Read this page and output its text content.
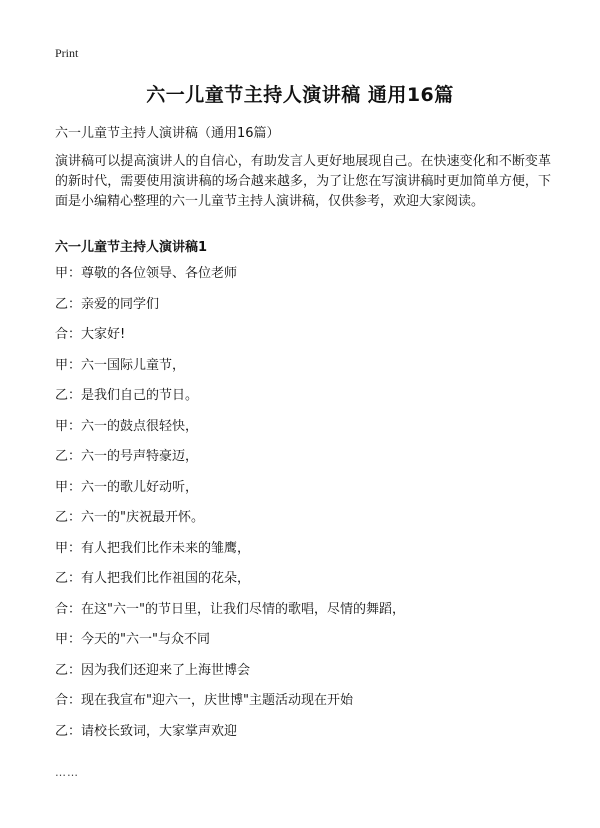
Print
六一儿童节主持人演讲稿 通用16篇
六一儿童节主持人演讲稿（通用16篇）

演讲稿可以提高演讲人的自信心，有助发言人更好地展现自己。在快速变化和不断变革的新时代，需要使用演讲稿的场合越来越多，为了让您在写演讲稿时更加简单方便，下面是小编精心整理的六一儿童节主持人演讲稿，仅供参考，欢迎大家阅读。

六一儿童节主持人演讲稿1
甲：尊敬的各位领导、各位老师
乙：亲爱的同学们
合：大家好!
甲：六一国际儿童节，
乙：是我们自己的节日。
甲：六一的鼓点很轻快，
乙：六一的号声特豪迈，
甲：六一的歌儿好动听，
乙：六一的"庆祝最开怀。
甲：有人把我们比作未来的雏鹰，
乙：有人把我们比作祖国的花朵，
合：在这"六一"的节日里，让我们尽情的歌唱，尽情的舞蹈，
甲：今天的"六一"与众不同
乙：因为我们还迎来了上海世博会
合：现在我宣布"迎六一，庆世博"主题活动现在开始
乙：请校长致词，大家掌声欢迎
……
